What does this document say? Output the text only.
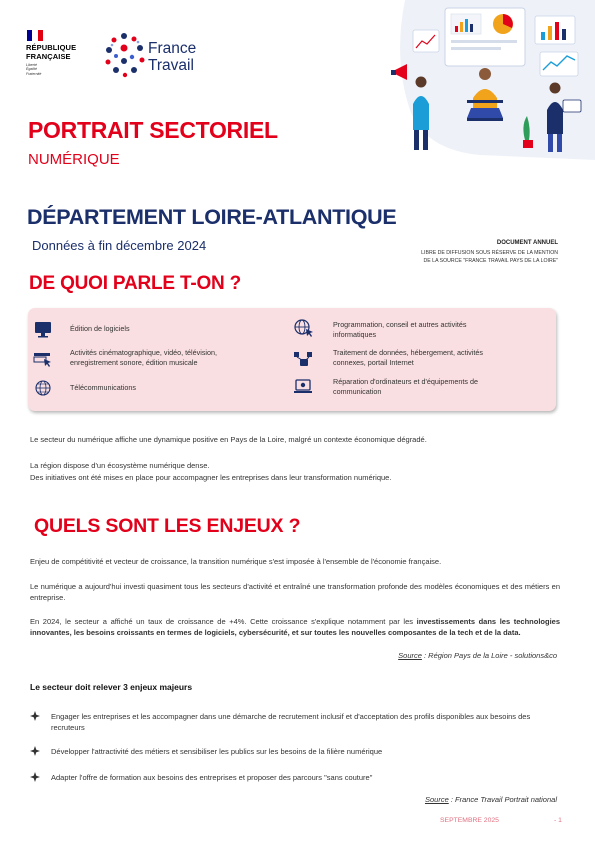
RÉPUBLIQUE
FRANÇAISE
Liberté
Égalité
Fraternité
France
Travail
PORTRAIT SECTORIEL
NUMÉRIQUE
DÉPARTEMENT LOIRE-ATLANTIQUE
Données à fin décembre 2024	DOCUMENT ANNUEL
LIBRE DE DIFFUSION SOUS RÉSERVE DE LA MENTION
DE LA SOURCE "FRANCE TRAVAIL PAYS DE LA LOIRE"
DE QUOI PARLE T-ON ?
Édition de logiciels	Programmation, conseil et autres activités
informatiques
Activités cinématographique, vidéo, télévision,
enregistrement sonore, édition musicale
Traitement de données, hébergement, activités
connexes, portail Internet
Télécommunications
Réparation d'ordinateurs et d'équipements de
communication
Le secteur du numérique affiche une dynamique positive en Pays de la Loire, malgré un contexte économique dégradé.
La région dispose d'un écosystème numérique dense.
Des initiatives ont été mises en place pour accompagner les entreprises dans leur transformation numérique.
QUELS SONT LES ENJEUX ?
Enjeu de compétitivité et vecteur de croissance, la transition numérique s'est imposée à l'ensemble de l'économie française.
Le numérique a aujourd'hui investi quasiment tous les secteurs d'activité et entraîné une transformation profonde des modèles économiques et des métiers en entreprise.
En 2024, le secteur a affiché un taux de croissance de +4%. Cette croissance s'explique notamment par les investissements dans les technologies innovantes, les besoins croissants en termes de logiciels, cybersécurité, et sur toutes les nouvelles composantes de la tech et de la data.
Source : Région Pays de la Loire - solutions&co
Le secteur doit relever 3 enjeux majeurs
Engager les entreprises et les accompagner dans une démarche de recrutement inclusif et d'acceptation des profils disponibles aux besoins des recruteurs
Développer l'attractivité des métiers et sensibiliser les publics sur les besoins de la filière numérique
Adapter l'offre de formation aux besoins des entreprises et proposer des parcours "sans couture"
Source : France Travail Portrait national
SEPTEMBRE 2025	- 1
